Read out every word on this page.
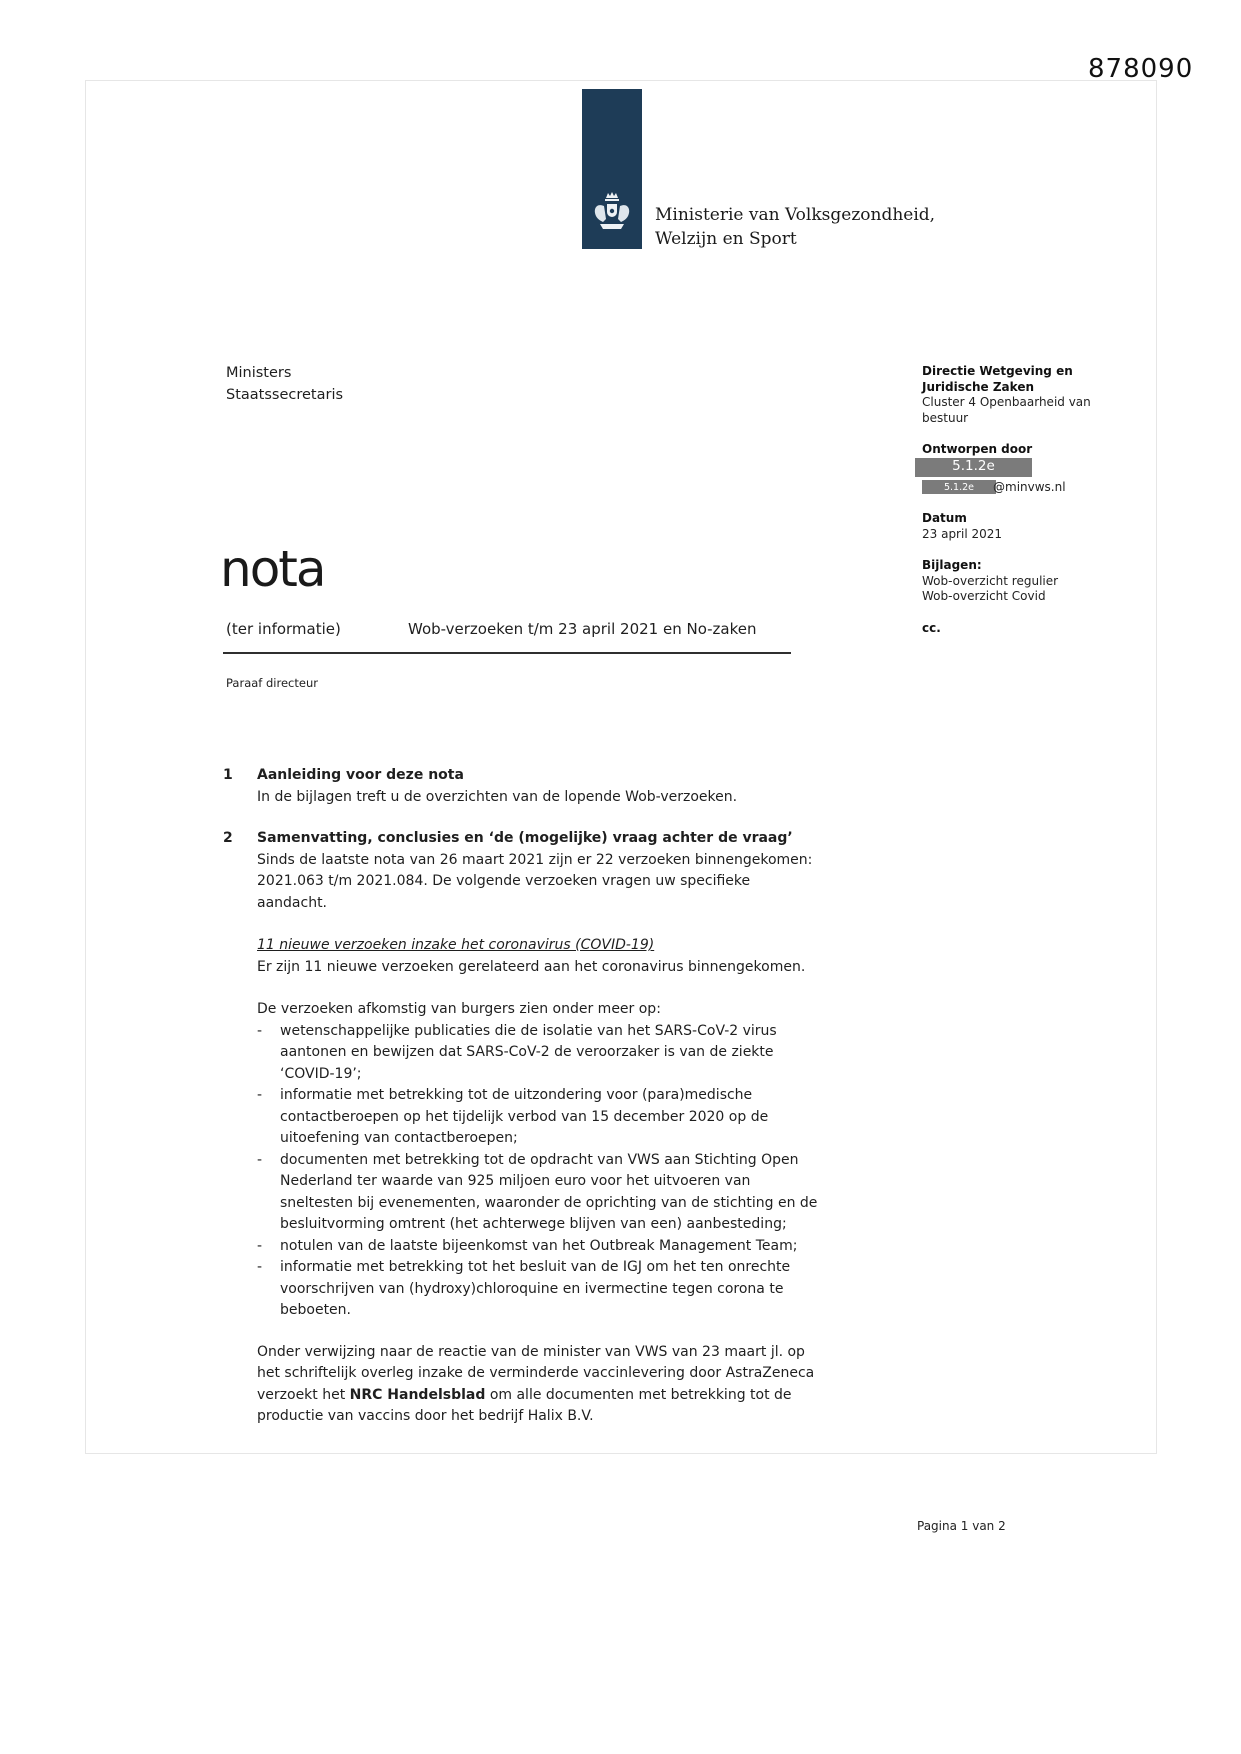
878090
Ministerie van Volksgezondheid,
Welzijn en Sport
Ministers
Staatssecretaris
Directie Wetgeving en
Juridische Zaken
Cluster 4 Openbaarheid van
bestuur
Ontworpen door
5.1.2e
5.1.2e	@minvws.nl
Datum
23 april 2021
Bijlagen:
Wob-overzicht regulier
Wob-overzicht Covid
cc.
nota
(ter informatie)	Wob-verzoeken t/m 23 april 2021 en No-zaken
Paraaf directeur
1	Aanleiding voor deze nota
In de bijlagen treft u de overzichten van de lopende Wob-verzoeken.
2	Samenvatting, conclusies en ‘de (mogelijke) vraag achter de vraag’
Sinds de laatste nota van 26 maart 2021 zijn er 22 verzoeken binnengekomen: 2021.063 t/m 2021.084. De volgende verzoeken vragen uw specifieke aandacht.
11 nieuwe verzoeken inzake het coronavirus (COVID-19)
Er zijn 11 nieuwe verzoeken gerelateerd aan het coronavirus binnengekomen.
De verzoeken afkomstig van burgers zien onder meer op:
- wetenschappelijke publicaties die de isolatie van het SARS-CoV-2 virus aantonen en bewijzen dat SARS-CoV-2 de veroorzaker is van de ziekte ‘COVID-19’;
- informatie met betrekking tot de uitzondering voor (para)medische contactberoepen op het tijdelijk verbod van 15 december 2020 op de uitoefening van contactberoepen;
- documenten met betrekking tot de opdracht van VWS aan Stichting Open Nederland ter waarde van 925 miljoen euro voor het uitvoeren van sneltesten bij evenementen, waaronder de oprichting van de stichting en de besluitvorming omtrent (het achterwege blijven van een) aanbesteding;
- notulen van de laatste bijeenkomst van het Outbreak Management Team;
- informatie met betrekking tot het besluit van de IGJ om het ten onrechte voorschrijven van (hydroxy)chloroquine en ivermectine tegen corona te beboeten.
Onder verwijzing naar de reactie van de minister van VWS van 23 maart jl. op het schriftelijk overleg inzake de verminderde vaccinlevering door AstraZeneca verzoekt het NRC Handelsblad om alle documenten met betrekking tot de productie van vaccins door het bedrijf Halix B.V.
Pagina 1 van 2
